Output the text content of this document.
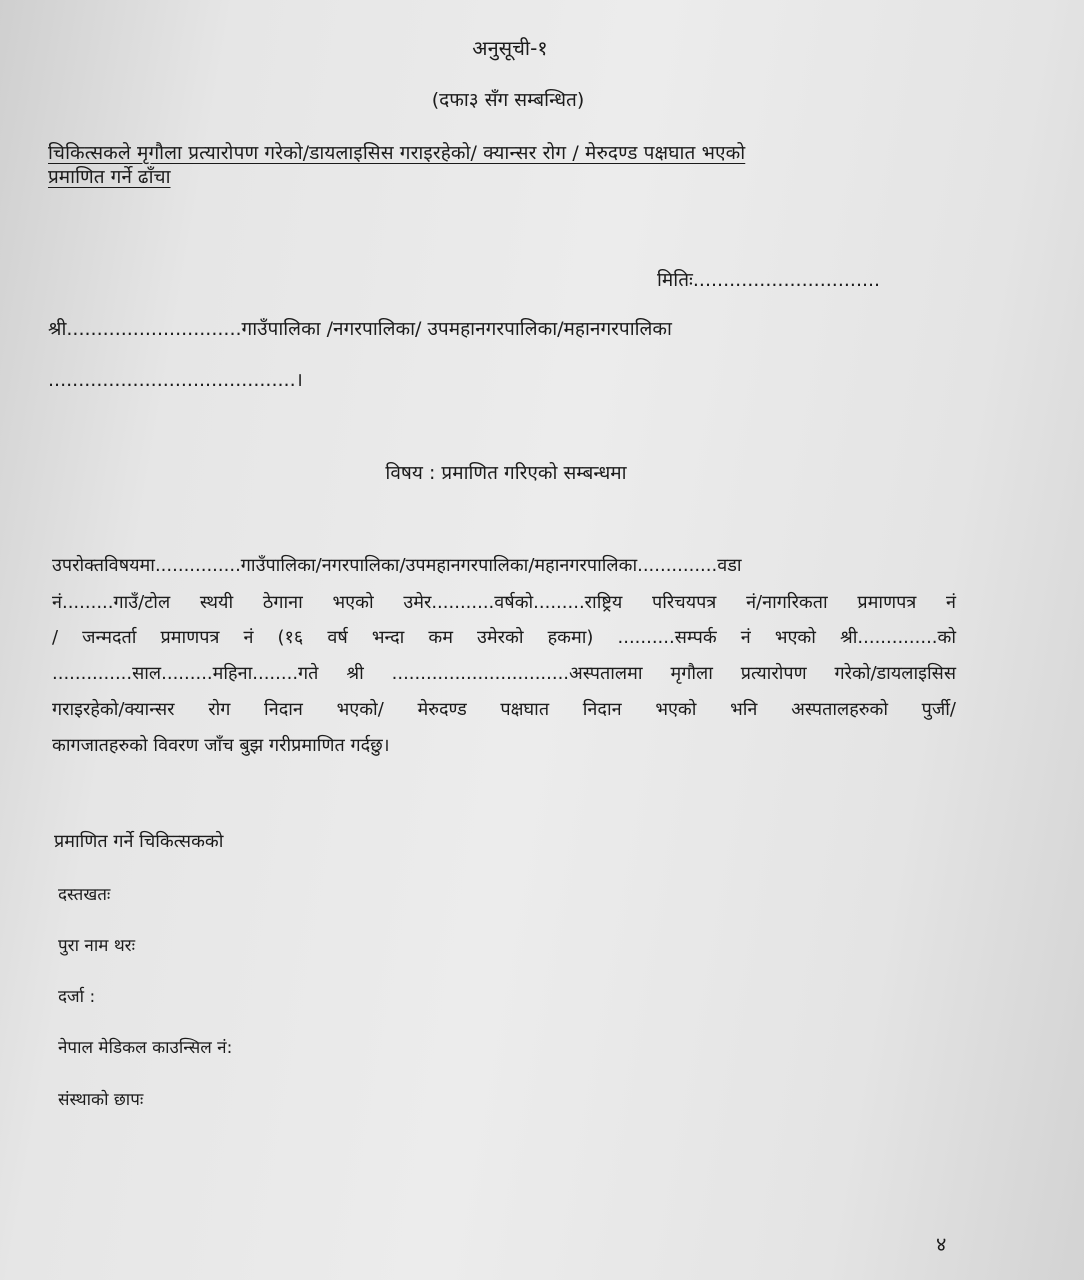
अनुसूची-१
(दफा३ सँग सम्बन्धित)
चिकित्सकले मृगौला प्रत्यारोपण गरेको/डायलाइसिस गराइरहेको/ क्यान्सर रोग / मेरुदण्ड पक्षघात भएको
प्रमाणित गर्ने ढाँचा
मितिः...............................
श्री.............................गाउँपालिका /नगरपालिका/ उपमहानगरपालिका/महानगरपालिका
.........................................।
विषय : प्रमाणित गरिएको सम्बन्धमा
उपरोक्तविषयमा...............गाउँपालिका/नगरपालिका/उपमहानगरपालिका/महानगरपालिका..............वडा
नं.........गाउँ/टोल स्थयी ठेगाना भएको उमेर...........वर्षको.........राष्ट्रिय परिचयपत्र नं/नागरिकता प्रमाणपत्र नं
/ जन्मदर्ता प्रमाणपत्र नं (१६ वर्ष भन्दा कम उमेरको हकमा) ..........सम्पर्क नं भएको श्री..............को
..............साल.........महिना........गते श्री ...............................अस्पतालमा मृगौला प्रत्यारोपण गरेको/डायलाइसिस
गराइरहेको/क्यान्सर रोग निदान भएको/ मेरुदण्ड पक्षघात निदान भएको भनि अस्पतालहरुको पुर्जी/
कागजातहरुको विवरण जाँच बुझ गरीप्रमाणित गर्दछु।
प्रमाणित गर्ने चिकित्सकको
दस्तखतः
पुरा नाम थरः
दर्जा :
नेपाल मेडिकल काउन्सिल नं:
संस्थाको छापः
४
